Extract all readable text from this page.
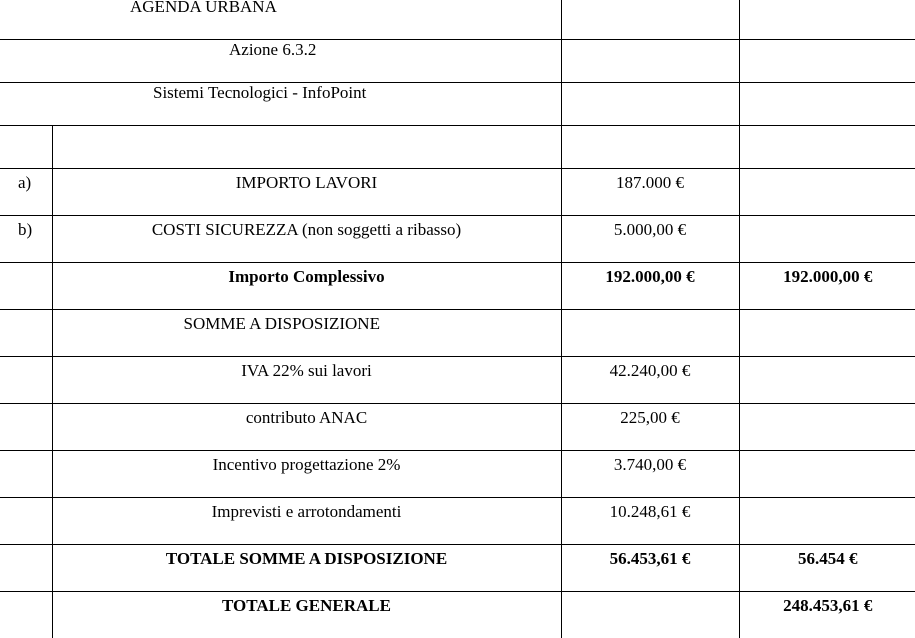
AGENDA URBANA			

Azione 6.3.2			

Sistemi Tecnologici - InfoPoint			

a)	IMPORTO LAVORI	187.000 €	
b)	COSTI SICUREZZA (non soggetti a ribasso)	5.000,00 €	
	Importo Complessivo	192.000,00 €	192.000,00 €
	SOMME A DISPOSIZIONE		
	IVA 22% sui lavori	42.240,00 €	
	contributo ANAC	225,00 €	
	Incentivo progettazione 2%	3.740,00 €	
	Imprevisti e arrotondamenti	10.248,61 €	
	TOTALE SOMME A DISPOSIZIONE	56.453,61 €	56.454 €
	TOTALE GENERALE		248.453,61 €
